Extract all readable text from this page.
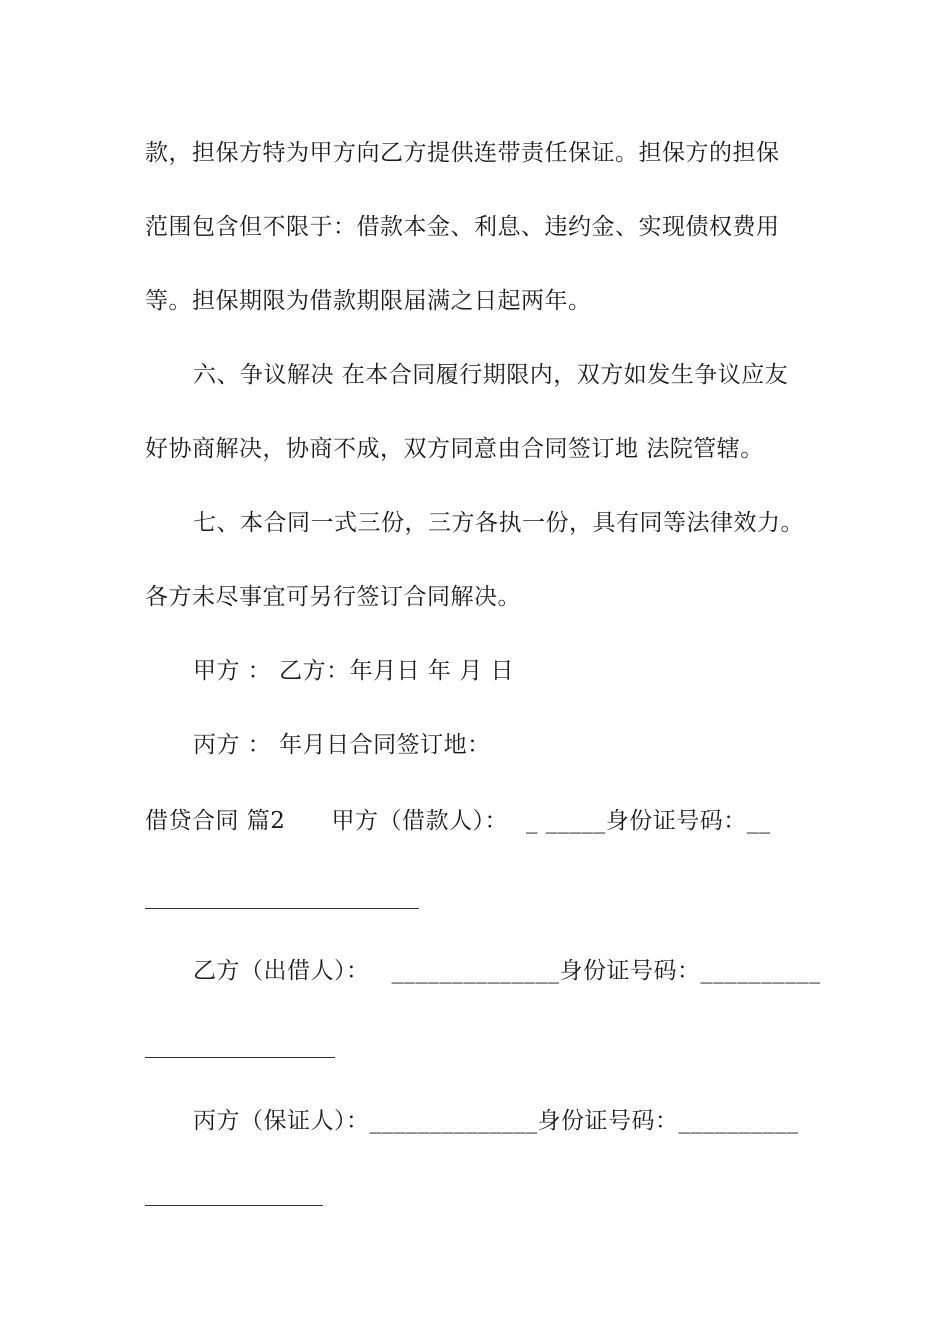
款，担保方特为甲方向乙方提供连带责任保证。担保方的担保
范围包含但不限于：借款本金、利息、违约金、实现债权费用
等。担保期限为借款期限届满之日起两年。
六、争议解决 在本合同履行期限内，双方如发生争议应友
好协商解决，协商不成，双方同意由合同签订地 法院管辖。
七、本合同一式三份，三方各执一份，具有同等法律效力。
各方未尽事宜可另行签订合同解决。
甲方 ： 乙方：年月日 年 月 日
丙方 ： 年月日合同签订地：
借贷合同 篇2 甲方（借款人）： _ _____身份证号码：__
乙方（出借人）： ______________身份证号码：__________
丙方（保证人）：______________身份证号码：__________
